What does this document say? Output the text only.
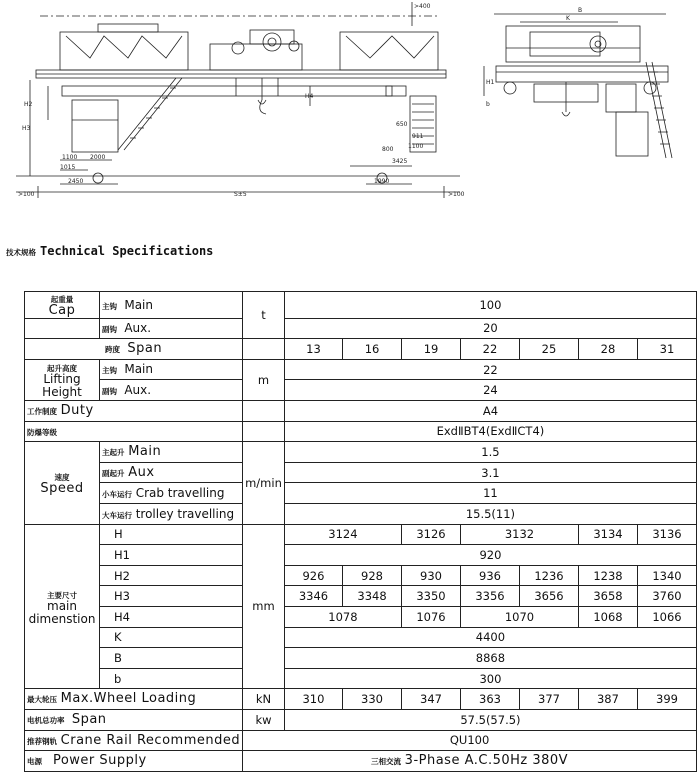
1100 2000
1015
2450
3425
1990
800 1100
650
911
S±5
>100	>100
H1
H2
H3
H4
K
B
b
>400
技术规格 Technical Specifications
起重量
Cap	主钩 Main	t	100						
	副钩 Aux.		20						
跨度 Span			13	16	19	22	25	28	31
起升高度
Lifting
Height	主钩 Main	m	22						
	副钩 Aux.		24						
工作制度 Duty			A4						
防爆等级			ExdⅡBT4(ExdⅡCT4)						
速度
Speed	主起升 Main	m/min	1.5						
	副起升 Aux		3.1						
	小车运行 Crab travelling		11						
	大车运行 trolley travelling		15.5(11)						
主要尺寸
main
dimenstion	H	mm	3124		3126	3132		3134	3136
	H1		920						
	H2		926	928	930	936	1236	1238	1340
	H3		3346	3348	3350	3356	3656	3658	3760
	H4		1078		1076	1070		1068	1066
	K		4400						
	B		8868						
	b		300						
最大轮压 Max.Wheel Loading		kN	310	330	347	363	377	387	399
电机总功率 Span		kw	57.5(57.5)						
推荐钢轨 Crane Rail Recommended		QU100							
电源 Power Supply		三相交流 3-Phase A.C.50Hz 380V							
